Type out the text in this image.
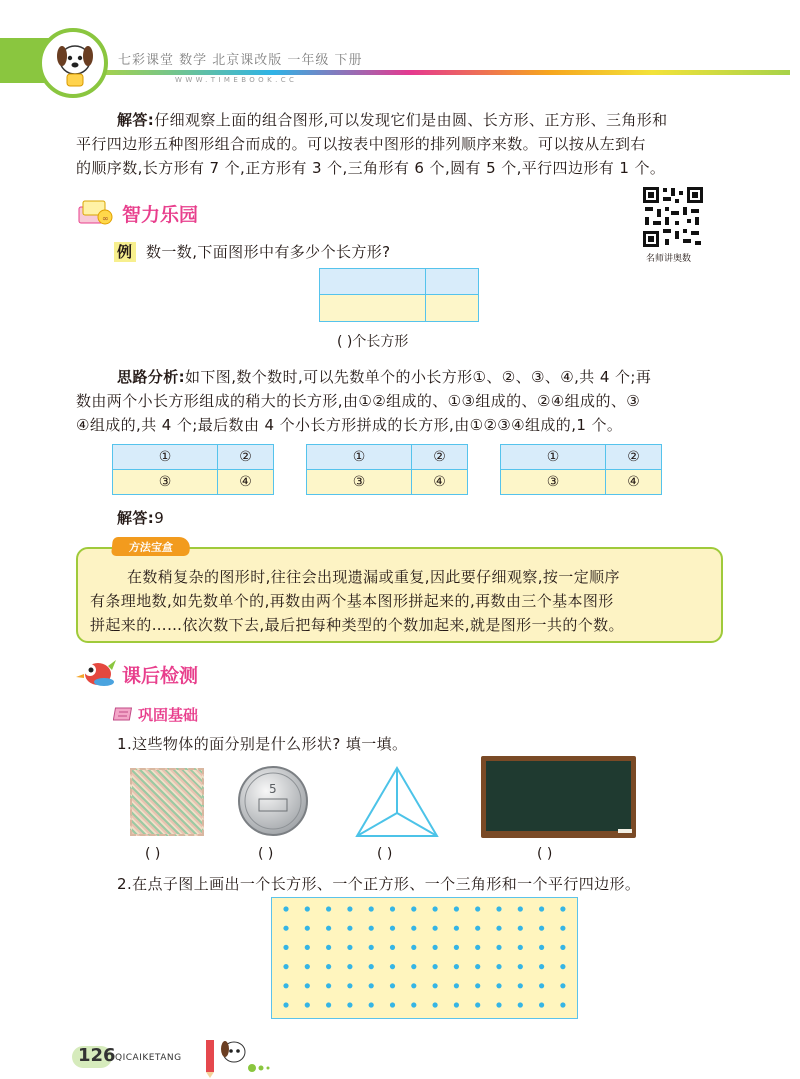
七彩课堂 数学 北京课改版 一年级 下册
WWW.TIMEBOOK.CC
解答:仔细观察上面的组合图形,可以发现它们是由圆、长方形、正方形、三角形和
平行四边形五种图形组合而成的。可以按表中图形的排列顺序来数。可以按从左到右
的顺序数,长方形有 7 个,正方形有 3 个,三角形有 6 个,圆有 5 个,平行四边形有 1 个。
∞ 智力乐园
名师讲奥数
例 数一数,下面图形中有多少个长方形?
( )个长方形
思路分析:如下图,数个数时,可以先数单个的小长方形①、②、③、④,共 4 个;再
数由两个小长方形组成的稍大的长方形,由①②组成的、①③组成的、②④组成的、③
④组成的,共 4 个;最后数由 4 个小长方形拼成的长方形,由①②③④组成的,1 个。
①	②
③	④
①	②
③	④
①	②
③	④
解答:9
方法宝盒
在数稍复杂的图形时,往往会出现遗漏或重复,因此要仔细观察,按一定顺序
有条理地数,如先数单个的,再数由两个基本图形拼起来的,再数由三个基本图形
拼起来的……依次数下去,最后把每种类型的个数加起来,就是图形一共的个数。
课后检测
巩固基础
1.这些物体的面分别是什么形状? 填一填。
5
( )	( )	( )	( )
2.在点子图上画出一个长方形、一个正方形、一个三角形和一个平行四边形。
126 QICAIKETANG
